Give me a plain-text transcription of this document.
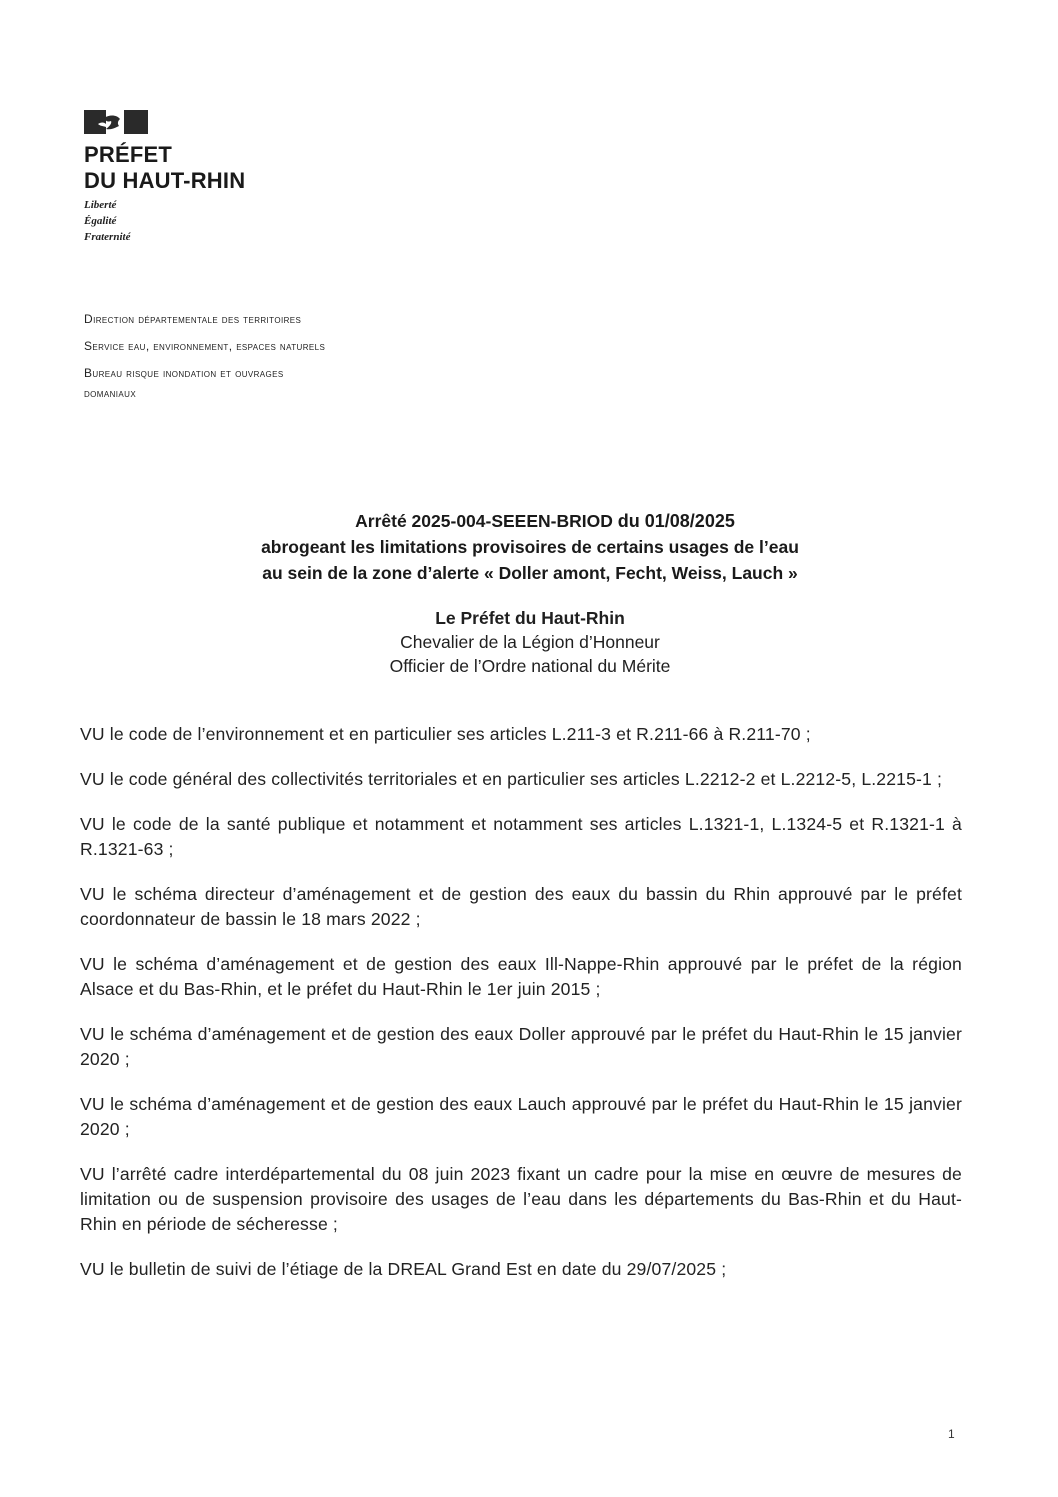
PRÉFET
DU HAUT-RHIN
Liberté
Égalité
Fraternité
Direction départementale des territoires
Service eau, environnement, espaces naturels
Bureau risque inondation et ouvrages
domaniaux
Arrêté 2025-004-SEEEN-BRIOD du 01/08/2025
abrogeant les limitations provisoires de certains usages de l’eau
au sein de la zone d’alerte « Doller amont, Fecht, Weiss, Lauch »
Le Préfet du Haut-Rhin
Chevalier de la Légion d’Honneur
Officier de l’Ordre national du Mérite

VU le code de l’environnement et en particulier ses articles L.211-3 et R.211-66 à R.211-70 ;

VU le code général des collectivités territoriales et en particulier ses articles L.2212-2 et L.2212-5, L.2215-1 ;

VU le code de la santé publique et notamment et notamment ses articles L.1321-1, L.1324-5 et R.1321-1 à R.1321-63 ;

VU le schéma directeur d’aménagement et de gestion des eaux du bassin du Rhin approuvé par le préfet coordonnateur de bassin le 18 mars 2022 ;

VU le schéma d’aménagement et de gestion des eaux Ill-Nappe-Rhin approuvé par le préfet de la région Alsace et du Bas-Rhin, et le préfet du Haut-Rhin le 1er juin 2015 ;

VU le schéma d’aménagement et de gestion des eaux Doller approuvé par le préfet du Haut-Rhin le 15 janvier 2020 ;

VU le schéma d’aménagement et de gestion des eaux Lauch approuvé par le préfet du Haut-Rhin le 15 janvier 2020 ;

VU l’arrêté cadre interdépartemental du 08 juin 2023 fixant un cadre pour la mise en œuvre de mesures de limitation ou de suspension provisoire des usages de l’eau dans les départements du Bas-Rhin et du Haut-Rhin en période de sécheresse ;

VU le bulletin de suivi de l’étiage de la DREAL Grand Est en date du 29/07/2025 ;

1
